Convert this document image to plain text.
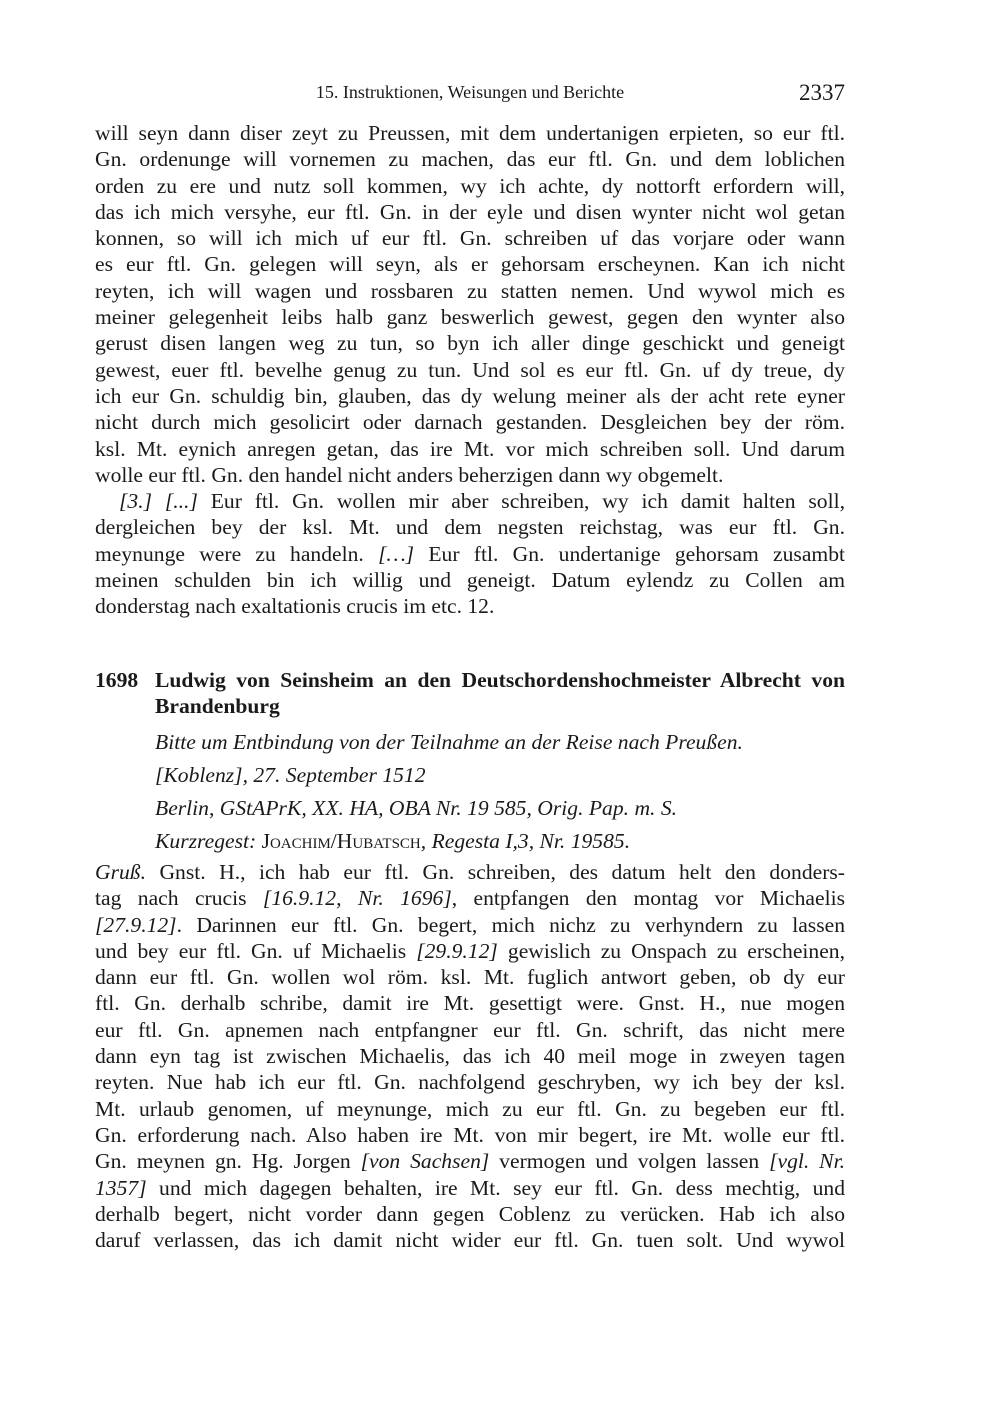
15. Instruktionen, Weisungen und Berichte	2337
will seyn dann diser zeyt zu Preussen, mit dem undertanigen erpieten, so eur ftl.
Gn. ordenunge will vornemen zu machen, das eur ftl. Gn. und dem loblichen
orden zu ere und nutz soll kommen, wy ich achte, dy nottorft erfordern will,
das ich mich versyhe, eur ftl. Gn. in der eyle und disen wynter nicht wol getan
konnen, so will ich mich uf eur ftl. Gn. schreiben uf das vorjare oder wann
es eur ftl. Gn. gelegen will seyn, als er gehorsam erscheynen. Kan ich nicht
reyten, ich will wagen und rossbaren zu statten nemen. Und wywol mich es
meiner gelegenheit leibs halb ganz beswerlich gewest, gegen den wynter also
gerust disen langen weg zu tun, so byn ich aller dinge geschickt und geneigt
gewest, euer ftl. bevelhe genug zu tun. Und sol es eur ftl. Gn. uf dy treue, dy
ich eur Gn. schuldig bin, glauben, das dy welung meiner als der acht rete eyner
nicht durch mich gesolicirt oder darnach gestanden. Desgleichen bey der röm.
ksl. Mt. eynich anregen getan, das ire Mt. vor mich schreiben soll. Und darum
wolle eur ftl. Gn. den handel nicht anders beherzigen dann wy obgemelt.
[3.] [...] Eur ftl. Gn. wollen mir aber schreiben, wy ich damit halten soll,
dergleichen bey der ksl. Mt. und dem negsten reichstag, was eur ftl. Gn.
meynunge were zu handeln. […] Eur ftl. Gn. undertanige gehorsam zusambt
meinen schulden bin ich willig und geneigt. Datum eylendz zu Collen am
donderstag nach exaltationis crucis im etc. 12.
1698 Ludwig von Seinsheim an den Deutschordenshochmeister Albrecht von
Brandenburg
Bitte um Entbindung von der Teilnahme an der Reise nach Preußen.
[Koblenz], 27. September 1512
Berlin, GStAPrK, XX. HA, OBA Nr. 19 585, Orig. Pap. m. S.
Kurzregest: Joachim/Hubatsch, Regesta I,3, Nr. 19585.
Gruß. Gnst. H., ich hab eur ftl. Gn. schreiben, des datum helt den donders-
tag nach crucis [16.9.12, Nr. 1696], entpfangen den montag vor Michaelis
[27.9.12]. Darinnen eur ftl. Gn. begert, mich nichz zu verhyndern zu lassen
und bey eur ftl. Gn. uf Michaelis [29.9.12] gewislich zu Onspach zu erscheinen,
dann eur ftl. Gn. wollen wol röm. ksl. Mt. fuglich antwort geben, ob dy eur
ftl. Gn. derhalb schribe, damit ire Mt. gesettigt were. Gnst. H., nue mogen
eur ftl. Gn. apnemen nach entpfangner eur ftl. Gn. schrift, das nicht mere
dann eyn tag ist zwischen Michaelis, das ich 40 meil moge in zweyen tagen
reyten. Nue hab ich eur ftl. Gn. nachfolgend geschryben, wy ich bey der ksl.
Mt. urlaub genomen, uf meynunge, mich zu eur ftl. Gn. zu begeben eur ftl.
Gn. erforderung nach. Also haben ire Mt. von mir begert, ire Mt. wolle eur ftl.
Gn. meynen gn. Hg. Jorgen [von Sachsen] vermogen und volgen lassen [vgl. Nr.
1357] und mich dagegen behalten, ire Mt. sey eur ftl. Gn. dess mechtig, und
derhalb begert, nicht vorder dann gegen Coblenz zu verücken. Hab ich also
daruf verlassen, das ich damit nicht wider eur ftl. Gn. tuen solt. Und wywol
